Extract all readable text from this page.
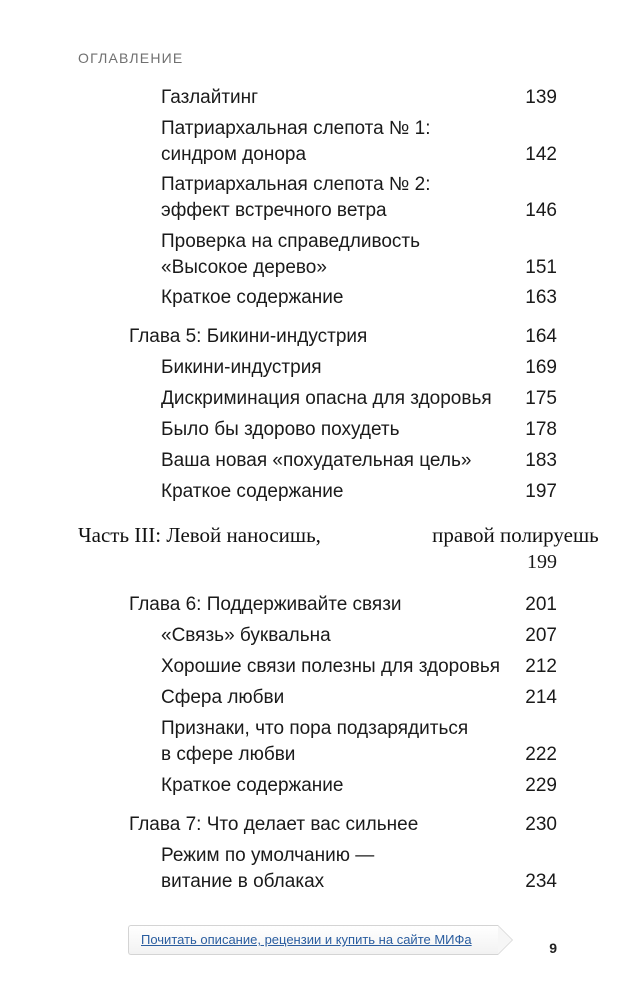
ОГЛАВЛЕНИЕ
Газлайтинг	139
Патриархальная слепота № 1:
синдром донора	142
Патриархальная слепота № 2:
эффект встречного ветра	146
Проверка на справедливость
«Высокое дерево»	151
Краткое содержание	163
Глава 5: Бикини-индустрия	164
Бикини-индустрия	169
Дискриминация опасна для здоровья 175
Было бы здорово похудеть	178
Ваша новая «похудательная цель»	183
Краткое содержание	197
Часть III: Левой наносишь,	правой полируешь
199
Глава 6: Поддерживайте связи	201
«Связь» буквальна	207
Хорошие связи полезны для здоровья 212
Сфера любви	214
Признаки, что пора подзарядиться
в сфере любви	222
Краткое содержание	229
Глава 7: Что делает вас сильнее	230
Режим по умолчанию —
витание в облаках	234
Почитать описание, рецензии и купить на сайте МИФа
9
